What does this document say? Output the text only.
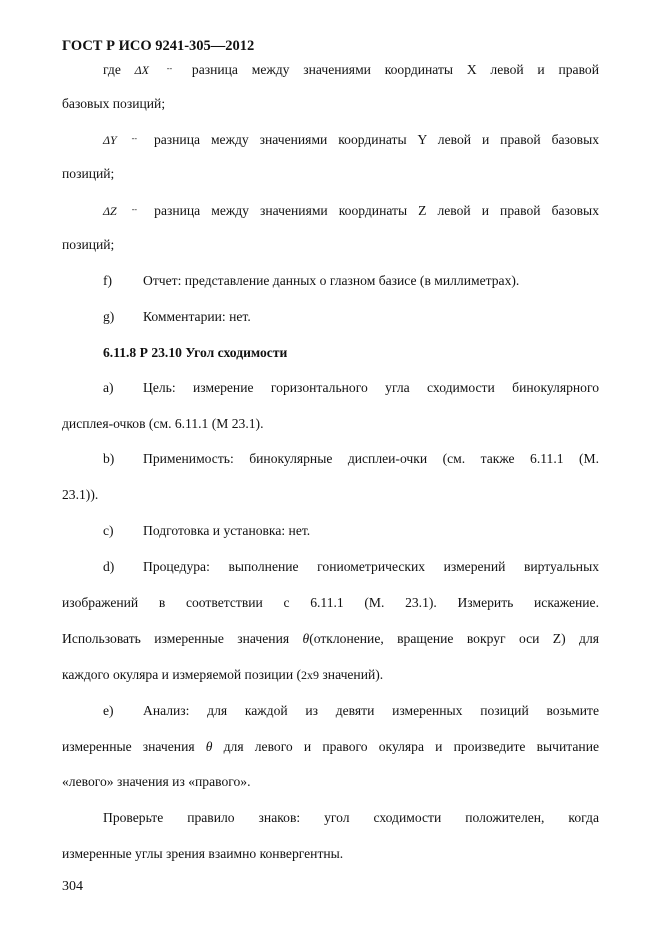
ГОСТ Р ИСО 9241-305—2012
где ΔX -- разница между значениями координаты X левой и правой
базовых позиций;
ΔY -- разница между значениями координаты Y левой и правой базовых
позиций;
ΔZ -- разница между значениями координаты Z левой и правой базовых
позиций;
f) Отчет: представление данных о глазном базисе (в миллиметрах).
g) Комментарии: нет.
6.11.8 Р 23.10 Угол сходимости
a) Цель: измерение горизонтального угла сходимости бинокулярного
дисплея-очков (см. 6.11.1 (М 23.1).
b) Применимость: бинокулярные дисплеи-очки (см. также 6.11.1 (М.
23.1)).
c) Подготовка и установка: нет.
d) Процедура: выполнение гониометрических измерений виртуальных
изображений в соответствии с 6.11.1 (М. 23.1). Измерить искажение.
Использовать измеренные значения θ(отклонение, вращение вокруг оси Z) для
каждого окуляра и измеряемой позиции (2x9 значений).
e) Анализ: для каждой из девяти измеренных позиций возьмите
измеренные значения θ для левого и правого окуляра и произведите вычитание
«левого» значения из «правого».
Проверьте правило знаков: угол сходимости положителен, когда
измеренные углы зрения взаимно конвергентны.
304
